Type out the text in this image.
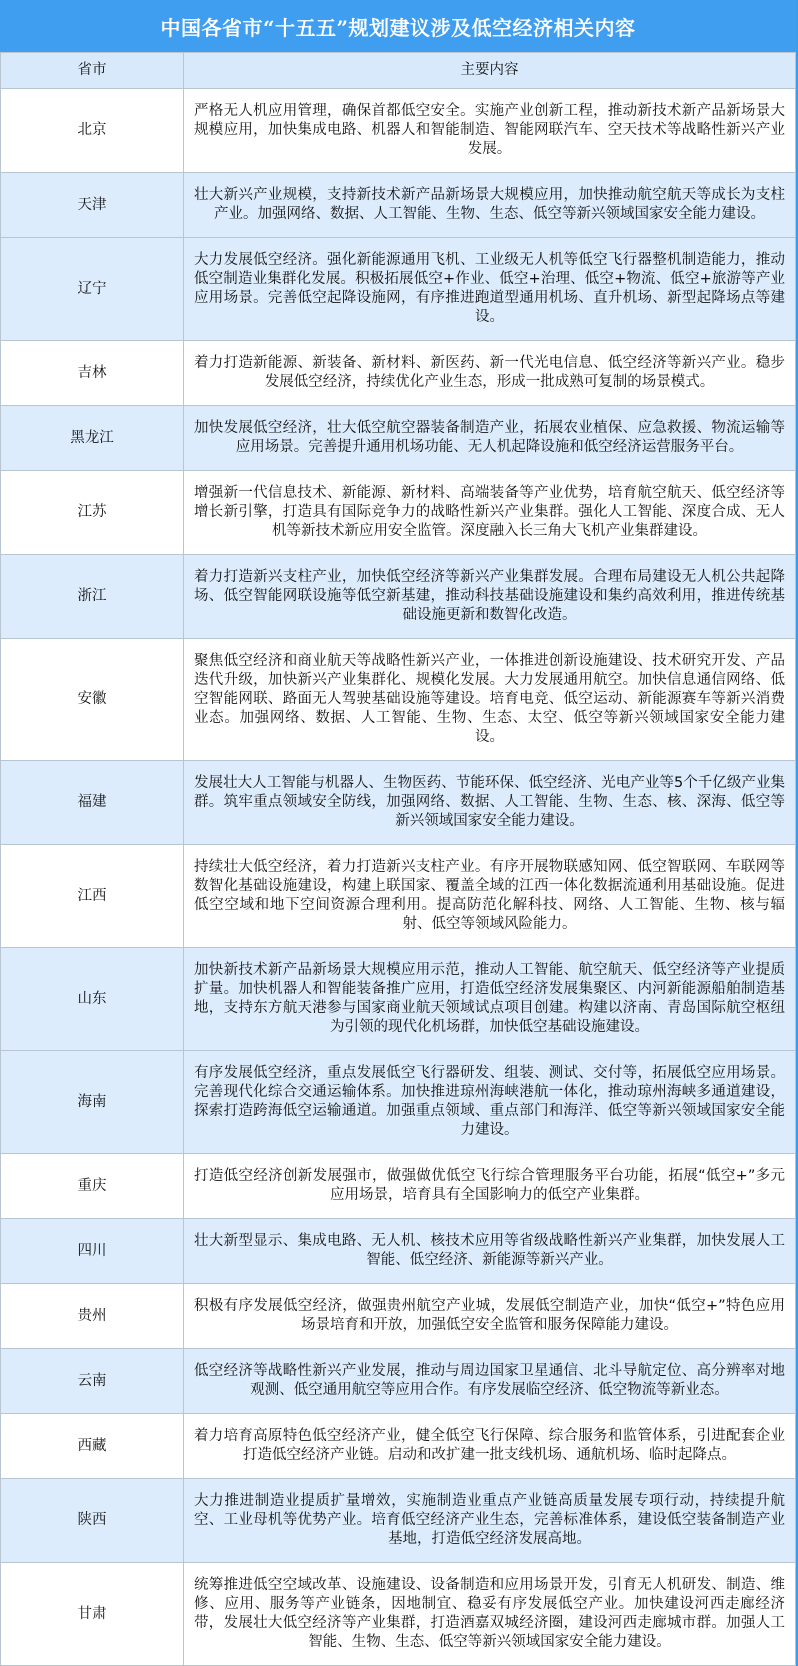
中国各省市“十五五”规划建议涉及低空经济相关内容
省市	主要内容
北京	严格无人机应用管理，确保首都低空安全。实施产业创新工程，推动新技术新产品新场景大规模应用，加快集成电路、机器人和智能制造、智能网联汽车、空天技术等战略性新兴产业发展。
天津	壮大新兴产业规模，支持新技术新产品新场景大规模应用，加快推动航空航天等成长为支柱产业。加强网络、数据、人工智能、生物、生态、低空等新兴领域国家安全能力建设。
辽宁	大力发展低空经济。强化新能源通用飞机、工业级无人机等低空飞行器整机制造能力，推动低空制造业集群化发展。积极拓展低空+作业、低空+治理、低空+物流、低空+旅游等产业应用场景。完善低空起降设施网，有序推进跑道型通用机场、直升机场、新型起降场点等建设。
吉林	着力打造新能源、新装备、新材料、新医药、新一代光电信息、低空经济等新兴产业。稳步发展低空经济，持续优化产业生态，形成一批成熟可复制的场景模式。
黑龙江	加快发展低空经济，壮大低空航空器装备制造产业，拓展农业植保、应急救援、物流运输等应用场景。完善提升通用机场功能、无人机起降设施和低空经济运营服务平台。
江苏	增强新一代信息技术、新能源、新材料、高端装备等产业优势，培育航空航天、低空经济等增长新引擎，打造具有国际竞争力的战略性新兴产业集群。强化人工智能、深度合成、无人机等新技术新应用安全监管。深度融入长三角大飞机产业集群建设。
浙江	着力打造新兴支柱产业，加快低空经济等新兴产业集群发展。合理布局建设无人机公共起降场、低空智能网联设施等低空新基建，推动科技基础设施建设和集约高效利用，推进传统基础设施更新和数智化改造。
安徽	聚焦低空经济和商业航天等战略性新兴产业，一体推进创新设施建设、技术研究开发、产品迭代升级，加快新兴产业集群化、规模化发展。大力发展通用航空。加快信息通信网络、低空智能网联、路面无人驾驶基础设施等建设。培育电竞、低空运动、新能源赛车等新兴消费业态。加强网络、数据、人工智能、生物、生态、太空、低空等新兴领域国家安全能力建设。
福建	发展壮大人工智能与机器人、生物医药、节能环保、低空经济、光电产业等5个千亿级产业集群。筑牢重点领域安全防线，加强网络、数据、人工智能、生物、生态、核、深海、低空等新兴领域国家安全能力建设。
江西	持续壮大低空经济，着力打造新兴支柱产业。有序开展物联感知网、低空智联网、车联网等数智化基础设施建设，构建上联国家、覆盖全域的江西一体化数据流通利用基础设施。促进低空空域和地下空间资源合理利用。提高防范化解科技、网络、人工智能、生物、核与辐射、低空等领域风险能力。
山东	加快新技术新产品新场景大规模应用示范，推动人工智能、航空航天、低空经济等产业提质扩量。加快机器人和智能装备推广应用，打造低空经济发展集聚区、内河新能源船舶制造基地，支持东方航天港参与国家商业航天领域试点项目创建。构建以济南、青岛国际航空枢纽为引领的现代化机场群，加快低空基础设施建设。
海南	有序发展低空经济，重点发展低空飞行器研发、组装、测试、交付等，拓展低空应用场景。完善现代化综合交通运输体系。加快推进琼州海峡港航一体化，推动琼州海峡多通道建设，探索打造跨海低空运输通道。加强重点领域、重点部门和海洋、低空等新兴领域国家安全能力建设。
重庆	打造低空经济创新发展强市，做强做优低空飞行综合管理服务平台功能，拓展“低空+”多元应用场景，培育具有全国影响力的低空产业集群。
四川	壮大新型显示、集成电路、无人机、核技术应用等省级战略性新兴产业集群，加快发展人工智能、低空经济、新能源等新兴产业。
贵州	积极有序发展低空经济，做强贵州航空产业城，发展低空制造产业，加快“低空+”特色应用场景培育和开放，加强低空安全监管和服务保障能力建设。
云南	低空经济等战略性新兴产业发展，推动与周边国家卫星通信、北斗导航定位、高分辨率对地观测、低空通用航空等应用合作。有序发展临空经济、低空物流等新业态。
西藏	着力培育高原特色低空经济产业，健全低空飞行保障、综合服务和监管体系，引进配套企业打造低空经济产业链。启动和改扩建一批支线机场、通航机场、临时起降点。
陕西	大力推进制造业提质扩量增效，实施制造业重点产业链高质量发展专项行动，持续提升航空、工业母机等优势产业。培育低空经济产业生态，完善标准体系，建设低空装备制造产业基地，打造低空经济发展高地。
甘肃	统筹推进低空空域改革、设施建设、设备制造和应用场景开发，引育无人机研发、制造、维修、应用、服务等产业链条，因地制宜、稳妥有序发展低空产业。加快建设河西走廊经济带，发展壮大低空经济等产业集群，打造酒嘉双城经济圈，建设河西走廊城市群。加强人工智能、生物、生态、低空等新兴领域国家安全能力建设。
